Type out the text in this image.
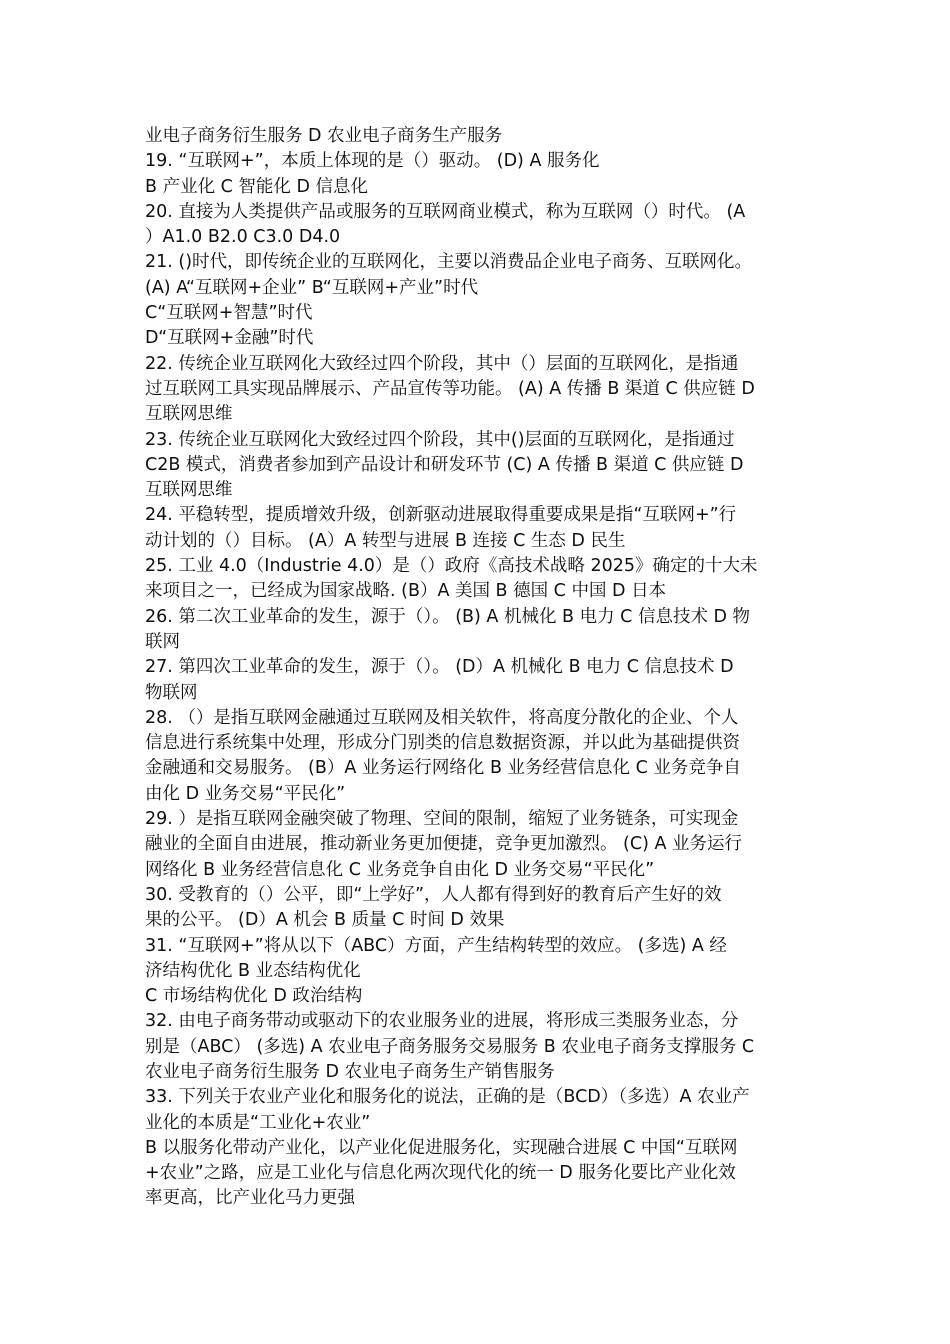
业电子商务衍生服务 D 农业电子商务生产服务
19. “互联网+”，本质上体现的是（）驱动。 (D) A 服务化
B 产业化 C 智能化 D 信息化
20. 直接为人类提供产品或服务的互联网商业模式，称为互联网（）时代。 (A
）A1.0 B2.0 C3.0 D4.0
21. ()时代，即传统企业的互联网化，主要以消费品企业电子商务、互联网化。
(A) A“互联网+企业” B“互联网+产业”时代
C“互联网+智慧”时代
D“互联网+金融”时代
22. 传统企业互联网化大致经过四个阶段，其中（）层面的互联网化，是指通
过互联网工具实现品牌展示、产品宣传等功能。 (A) A 传播 B 渠道 C 供应链 D
互联网思维
23. 传统企业互联网化大致经过四个阶段，其中()层面的互联网化，是指通过
C2B 模式，消费者参加到产品设计和研发环节 (C) A 传播 B 渠道 C 供应链 D
互联网思维
24. 平稳转型，提质增效升级，创新驱动进展取得重要成果是指“互联网+”行
动计划的（）目标。 (A）A 转型与进展 B 连接 C 生态 D 民生
25. 工业 4.0（Industrie 4.0）是（）政府《高技术战略 2025》确定的十大未
来项目之一，已经成为国家战略. (B）A 美国 B 德国 C 中国 D 日本
26. 第二次工业革命的发生，源于（）。 (B) A 机械化 B 电力 C 信息技术 D 物
联网
27. 第四次工业革命的发生，源于（）。 (D）A 机械化 B 电力 C 信息技术 D
物联网
28. （）是指互联网金融通过互联网及相关软件，将高度分散化的企业、个人
信息进行系统集中处理，形成分门别类的信息数据资源，并以此为基础提供资
金融通和交易服务。 (B）A 业务运行网络化 B 业务经营信息化 C 业务竞争自
由化 D 业务交易“平民化”
29. ）是指互联网金融突破了物理、空间的限制，缩短了业务链条，可实现金
融业的全面自由进展，推动新业务更加便捷，竞争更加激烈。 (C) A 业务运行
网络化 B 业务经营信息化 C 业务竞争自由化 D 业务交易“平民化”
30. 受教育的（）公平，即“上学好”，人人都有得到好的教育后产生好的效
果的公平。 (D）A 机会 B 质量 C 时间 D 效果
31. “互联网+”将从以下（ABC）方面，产生结构转型的效应。 (多选) A 经
济结构优化 B 业态结构优化
C 市场结构优化 D 政治结构
32. 由电子商务带动或驱动下的农业服务业的进展，将形成三类服务业态，分
别是（ABC） (多选) A 农业电子商务服务交易服务 B 农业电子商务支撑服务 C
农业电子商务衍生服务 D 农业电子商务生产销售服务
33. 下列关于农业产业化和服务化的说法，正确的是（BCD）（多选）A 农业产
业化的本质是“工业化+农业”
B 以服务化带动产业化，以产业化促进服务化，实现融合进展 C 中国“互联网
+农业”之路，应是工业化与信息化两次现代化的统一 D 服务化要比产业化效
率更高，比产业化马力更强
